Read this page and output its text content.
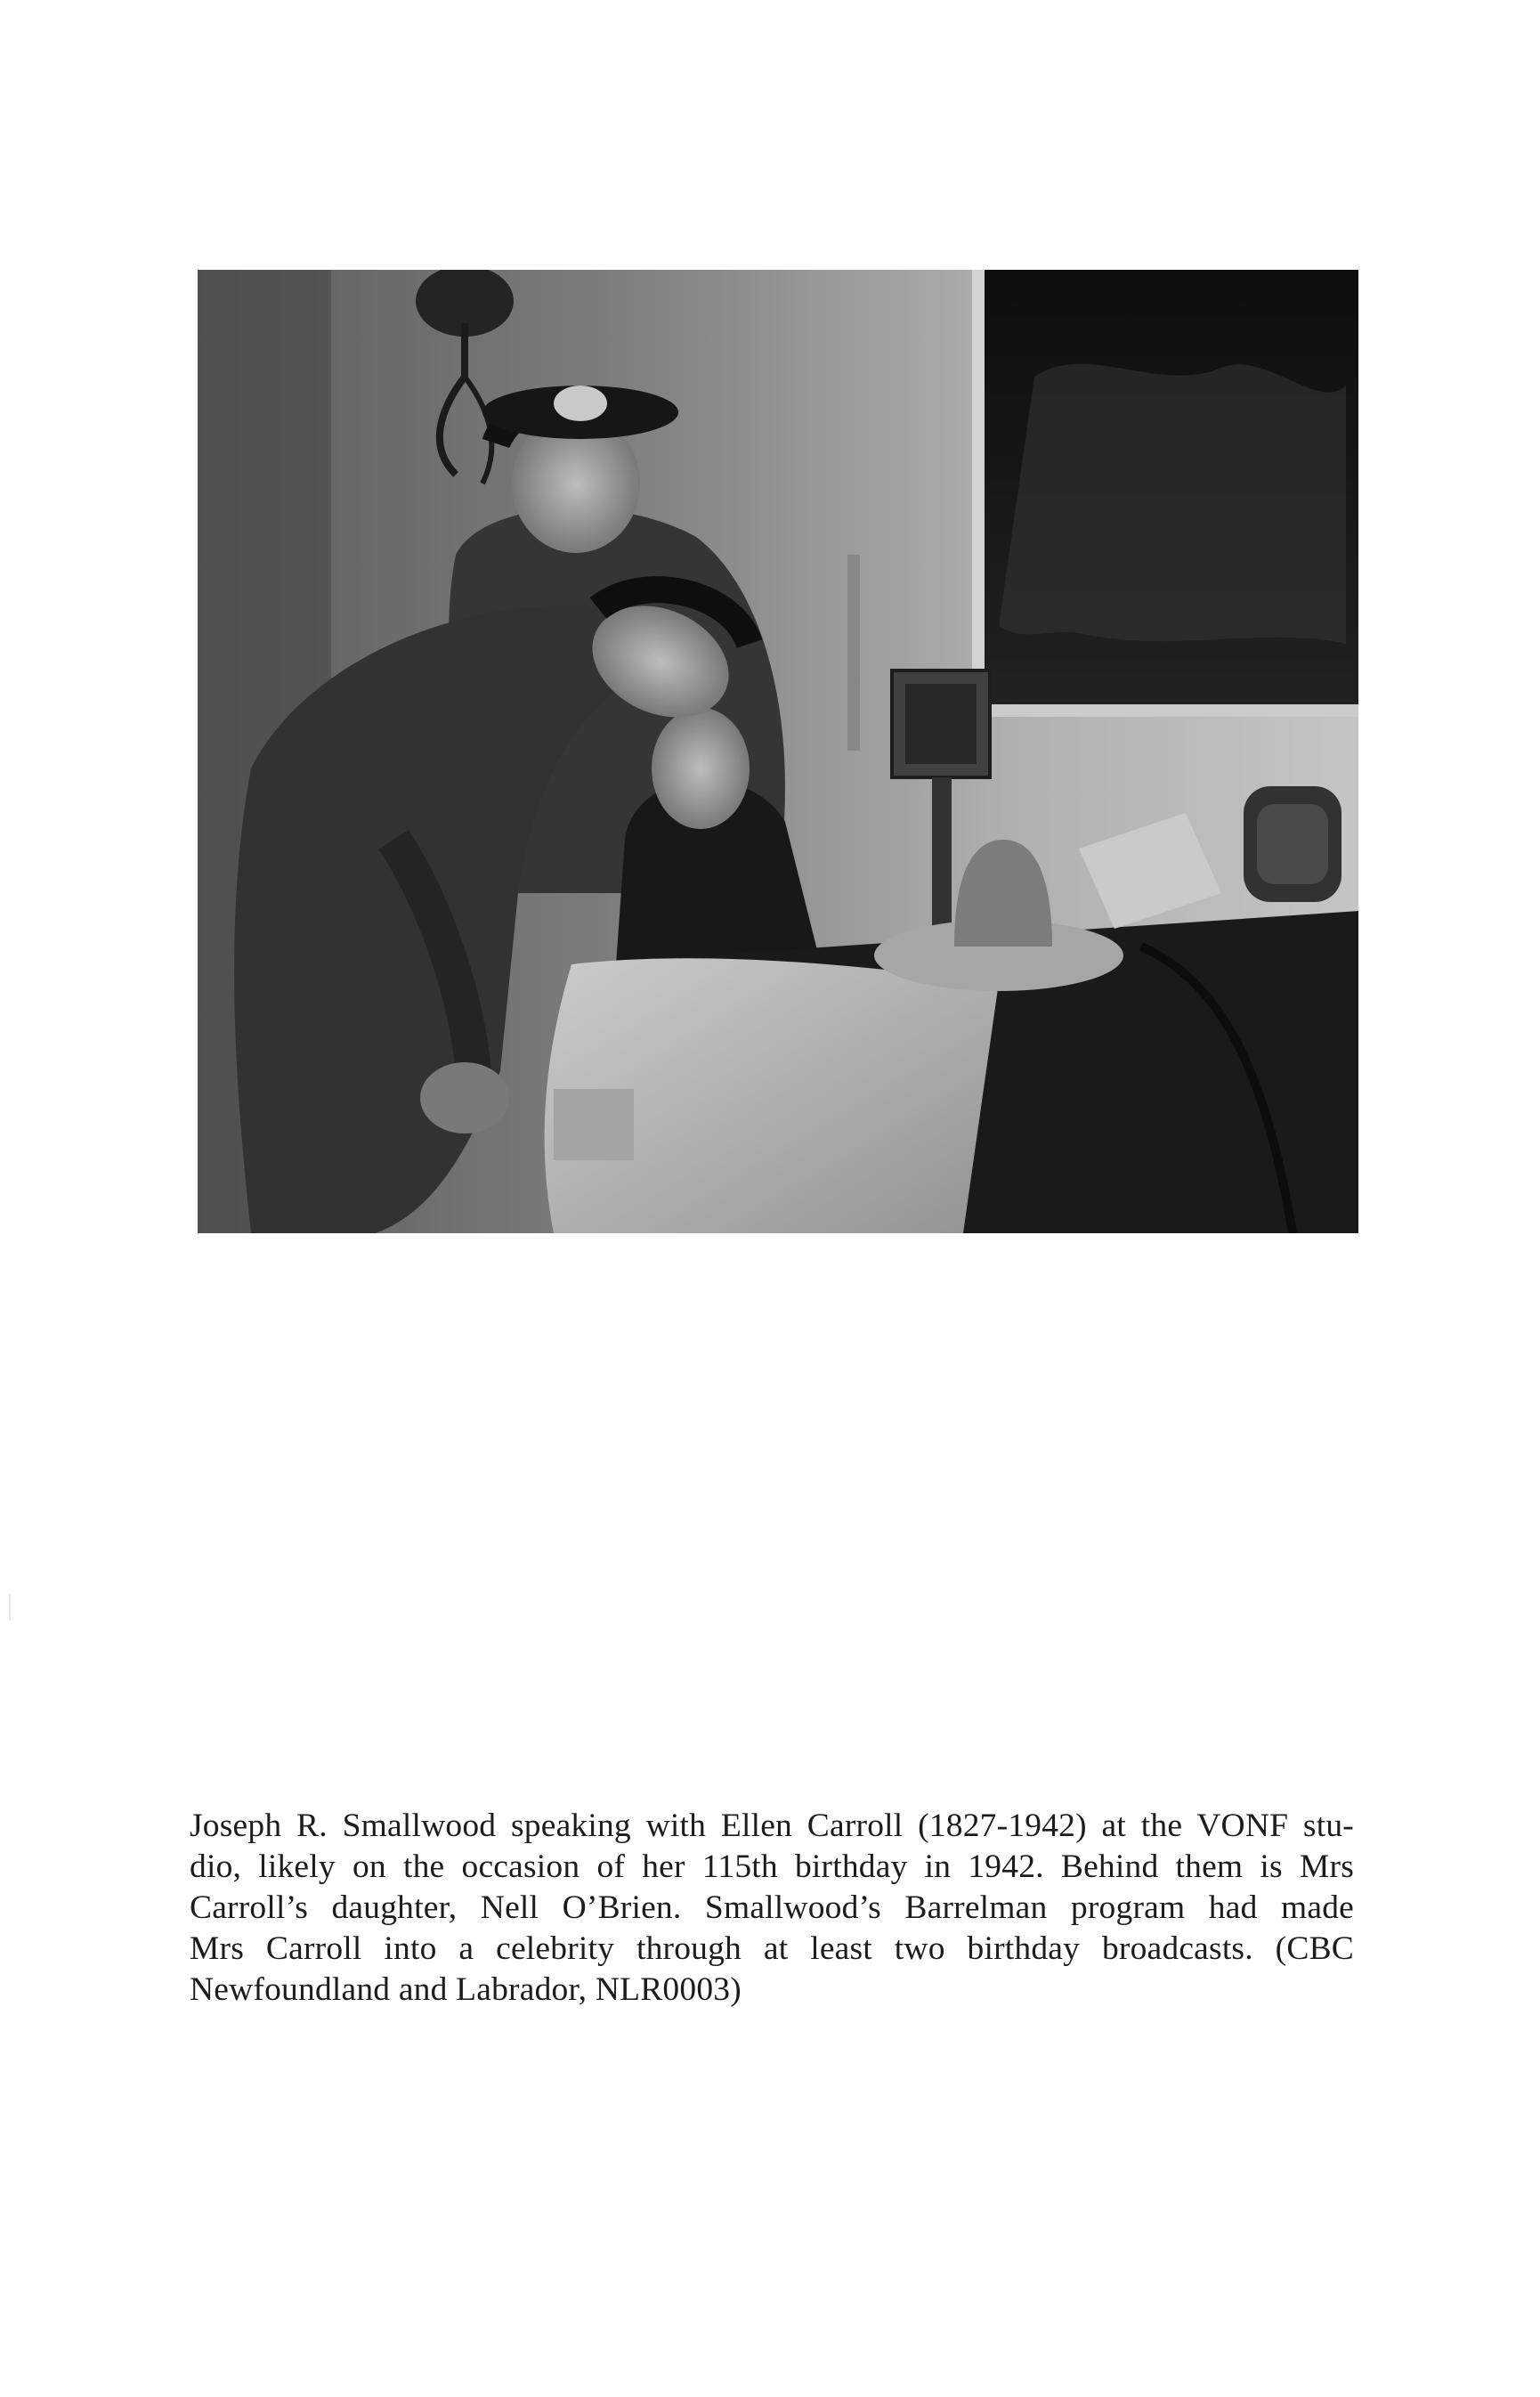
Joseph R. Smallwood speaking with Ellen Carroll (1827-1942) at the VONF stu-
dio, likely on the occasion of her 115th birthday in 1942. Behind them is Mrs
Carroll’s daughter, Nell O’Brien. Smallwood’s Barrelman program had made
Mrs Carroll into a celebrity through at least two birthday broadcasts. (CBC
Newfoundland and Labrador, NLR0003)
